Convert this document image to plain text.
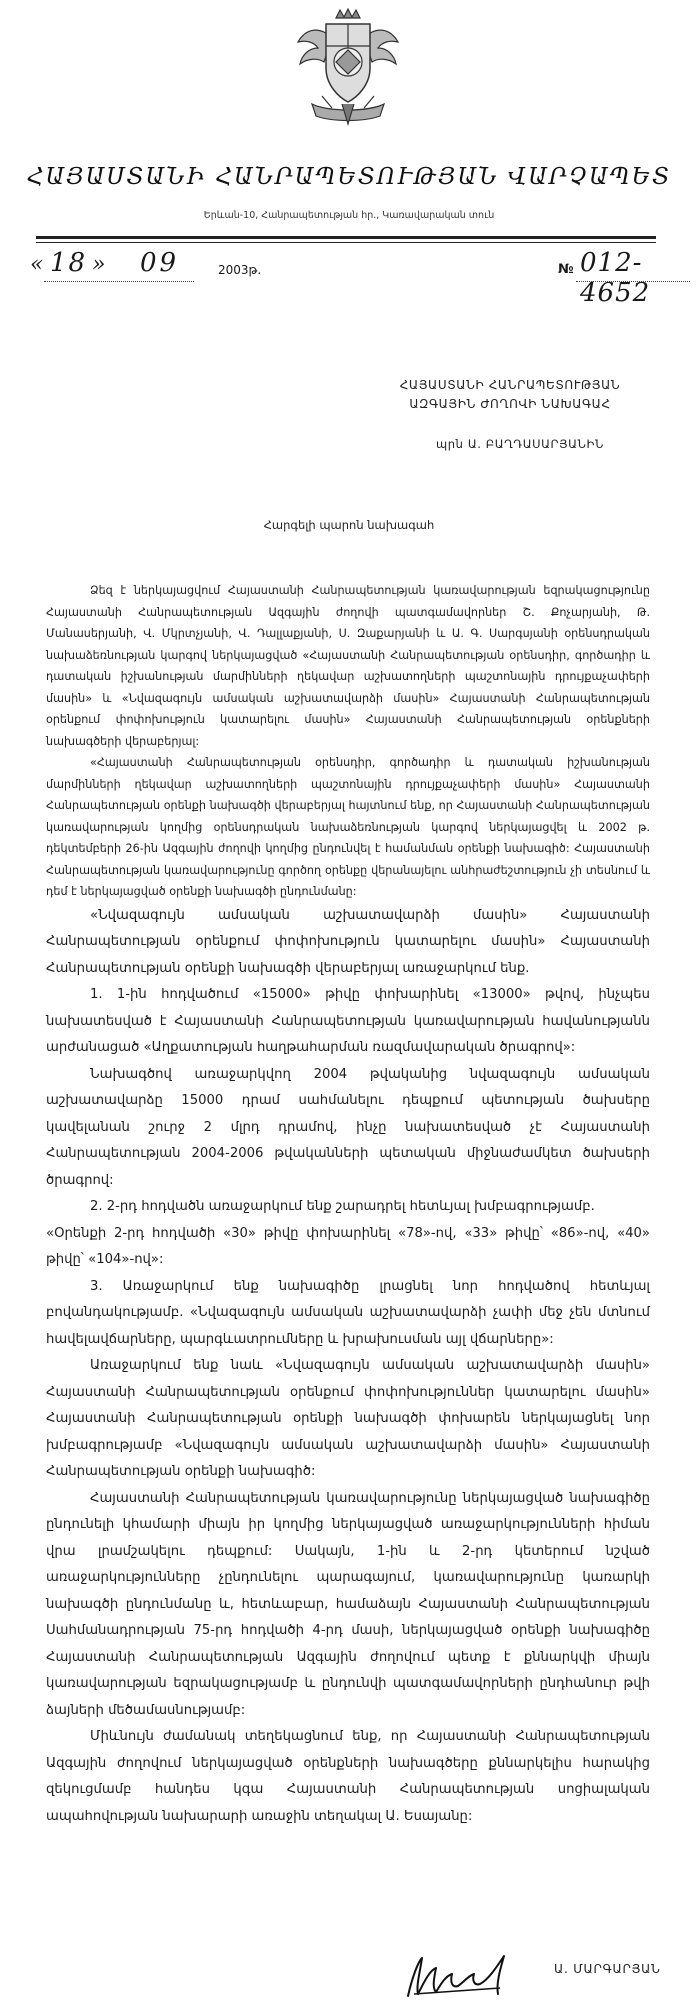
ՀԱՅԱՍՏԱՆԻ ՀԱՆՐԱՊԵՏՈՒԹՅԱՆ ՎԱՐՉԱՊԵՏ
Երևան-10, Հանրապետության հր., Կառավարական տուն
« 18 » 09	2003թ.	№ 012-4652
ՀԱՅԱՍՏԱՆԻ ՀԱՆՐԱՊԵՏՈՒԹՅԱՆ
ԱԶԳԱՅԻՆ ԺՈՂՈՎԻ ՆԱԽԱԳԱՀ
պրն Ա. ԲԱՂԴԱՍԱՐՅԱՆԻՆ
Հարգելի պարոն նախագահ

Ձեզ է ներկայացվում Հայաստանի Հանրապետության կառավարության եզրակացությունը Հայաստանի Հանրապետության Ազգային ժողովի պատգամավորներ Շ. Քոչարյանի, Թ. Մանասերյանի, Վ. Մկրտչյանի, Վ. Դալլաքյանի, Ս. Զաքարյանի և Ա. Գ. Սարգսյանի օրենսդրական նախաձեռնության կարգով ներկայացված «Հայաստանի Հանրապետության օրենսդիր, գործադիր և դատական իշխանության մարմինների ղեկավար աշխատողների պաշտոնային դրույքաչափերի մասին» և «Նվազագույն ամսական աշխատավարձի մասին» Հայաստանի Հանրապետության օրենքում փոփոխություն կատարելու մասին» Հայաստանի Հանրապետության օրենքների նախագծերի վերաբերյալ:

«Հայաստանի Հանրապետության օրենսդիր, գործադիր և դատական իշխանության մարմինների ղեկավար աշխատողների պաշտոնային դրույքաչափերի մասին» Հայաստանի Հանրապետության օրենքի նախագծի վերաբերյալ հայտնում ենք, որ Հայաստանի Հանրապետության կառավարության կողմից օրենսդրական նախաձեռնության կարգով ներկայացվել և 2002 թ. դեկտեմբերի 26-ին Ազգային ժողովի կողմից ընդունվել է համանման օրենքի նախագիծ: Հայաստանի Հանրապետության կառավարությունը գործող օրենքը վերանայելու անհրաժեշտություն չի տեսնում և դեմ է ներկայացված օրենքի նախագծի ընդունմանը:

«Նվազագույն ամսական աշխատավարձի մասին» Հայաստանի Հանրապետության օրենքում փոփոխություն կատարելու մասին» Հայաստանի Հանրապետության օրենքի նախագծի վերաբերյալ առաջարկում ենք.

1. 1-ին հոդվածում «15000» թիվը փոխարինել «13000» թվով, ինչպես նախատեսված է Հայաստանի Հանրապետության կառավարության հավանությանն արժանացած «Աղքատության հաղթահարման ռազմավարական ծրագրով»:

Նախագծով առաջարկվող 2004 թվականից նվազագույն ամսական աշխատավարձը 15000 դրամ սահմանելու դեպքում պետության ծախսերը կավելանան շուրջ 2 մլրդ դրամով, ինչը նախատեսված չէ Հայաստանի Հանրապետության 2004-2006 թվականների պետական միջնաժամկետ ծախսերի ծրագրով:

2. 2-րդ հոդվածն առաջարկում ենք շարադրել հետևյալ խմբագրությամբ.

«Օրենքի 2-րդ հոդվածի «30» թիվը փոխարինել «78»-ով, «33» թիվը՝ «86»-ով, «40» թիվը՝ «104»-ով»:

3. Առաջարկում ենք նախագիծը լրացնել նոր հոդվածով հետևյալ բովանդակությամբ. «Նվազագույն ամսական աշխատավարձի չափի մեջ չեն մտնում հավելավճարները, պարգևատրումները և խրախուսման այլ վճարները»:

Առաջարկում ենք նաև «Նվազագույն ամսական աշխատավարձի մասին» Հայաստանի Հանրապետության օրենքում փոփոխություններ կատարելու մասին» Հայաստանի Հանրապետության օրենքի նախագծի փոխարեն ներկայացնել նոր խմբագրությամբ «Նվազագույն ամսական աշխատավարձի մասին» Հայաստանի Հանրապետության օրենքի նախագիծ:

Հայաստանի Հանրապետության կառավարությունը ներկայացված նախագիծը ընդունելի կհամարի միայն իր կողմից ներկայացված առաջարկությունների հիման վրա լրամշակելու դեպքում: Սակայն, 1-ին և 2-րդ կետերում նշված առաջարկությունները չընդունելու պարագայում, կառավարությունը կառարկի նախագծի ընդունմանը և, հետևաբար, համաձայն Հայաստանի Հանրապետության Սահմանադրության 75-րդ հոդվածի 4-րդ մասի, ներկայացված օրենքի նախագիծը Հայաստանի Հանրապետության Ազգային ժողովում պետք է քննարկվի միայն կառավարության եզրակացությամբ և ընդունվի պատգամավորների ընդհանուր թվի ձայների մեծամասնությամբ:

Միևնույն ժամանակ տեղեկացնում ենք, որ Հայաստանի Հանրապետության Ազգային ժողովում ներկայացված օրենքների նախագծերը քննարկելիս հարակից զեկուցմամբ հանդես կգա Հայաստանի Հանրապետության սոցիալական ապահովության նախարարի առաջին տեղակալ Ա. Եսայանը:

Ա. ՄԱՐԳԱՐՅԱՆ
